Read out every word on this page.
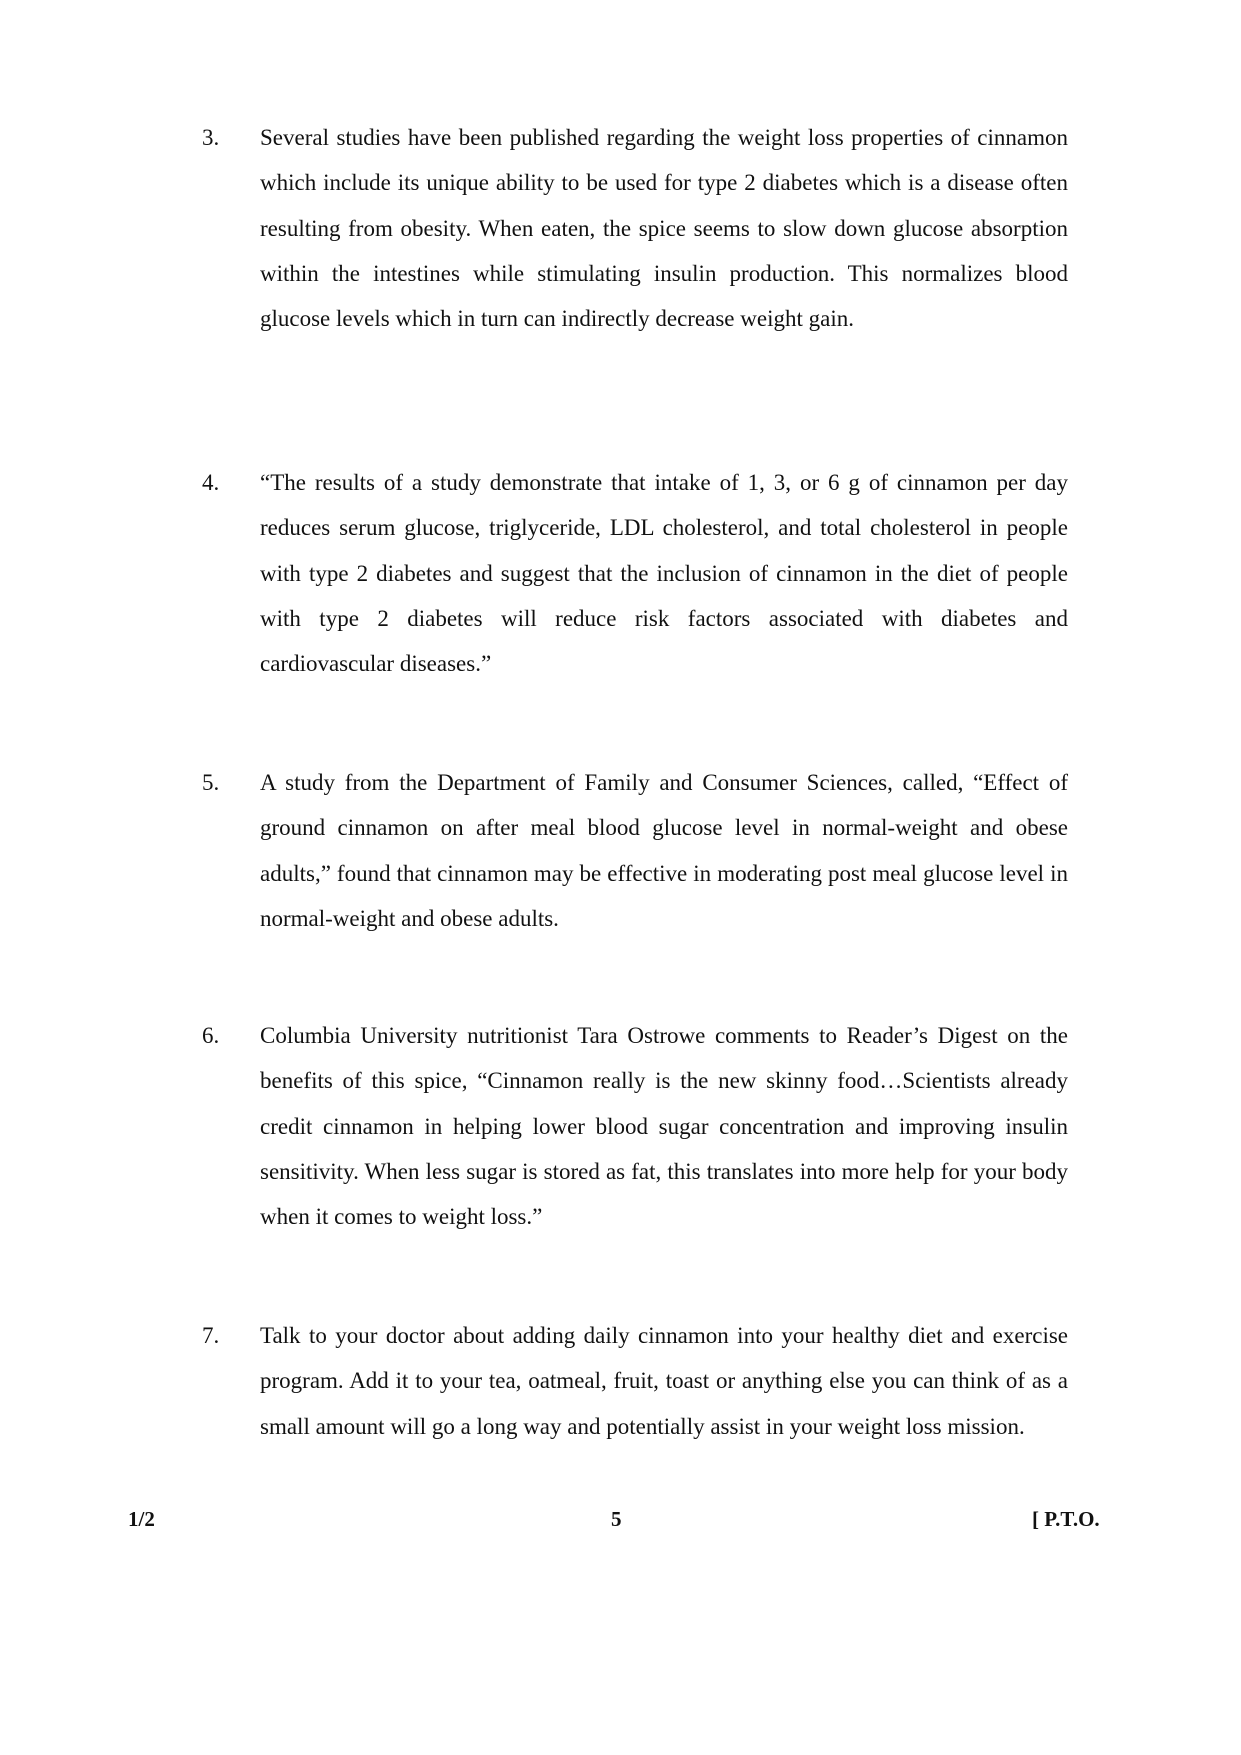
3. Several studies have been published regarding the weight loss properties of cinnamon which include its unique ability to be used for type 2 diabetes which is a disease often resulting from obesity. When eaten, the spice seems to slow down glucose absorption within the intestines while stimulating insulin production. This normalizes blood glucose levels which in turn can indirectly decrease weight gain.
4. “The results of a study demonstrate that intake of 1, 3, or 6 g of cinnamon per day reduces serum glucose, triglyceride, LDL cholesterol, and total cholesterol in people with type 2 diabetes and suggest that the inclusion of cinnamon in the diet of people with type 2 diabetes will reduce risk factors associated with diabetes and cardiovascular diseases.”
5. A study from the Department of Family and Consumer Sciences, called, “Effect of ground cinnamon on after meal blood glucose level in normal-weight and obese adults,” found that cinnamon may be effective in moderating post meal glucose level in normal-weight and obese adults.
6. Columbia University nutritionist Tara Ostrowe comments to Reader’s Digest on the benefits of this spice, “Cinnamon really is the new skinny food…Scientists already credit cinnamon in helping lower blood sugar concentration and improving insulin sensitivity. When less sugar is stored as fat, this translates into more help for your body when it comes to weight loss.”
7. Talk to your doctor about adding daily cinnamon into your healthy diet and exercise program. Add it to your tea, oatmeal, fruit, toast or anything else you can think of as a small amount will go a long way and potentially assist in your weight loss mission.
1/2	5	[ P.T.O.
